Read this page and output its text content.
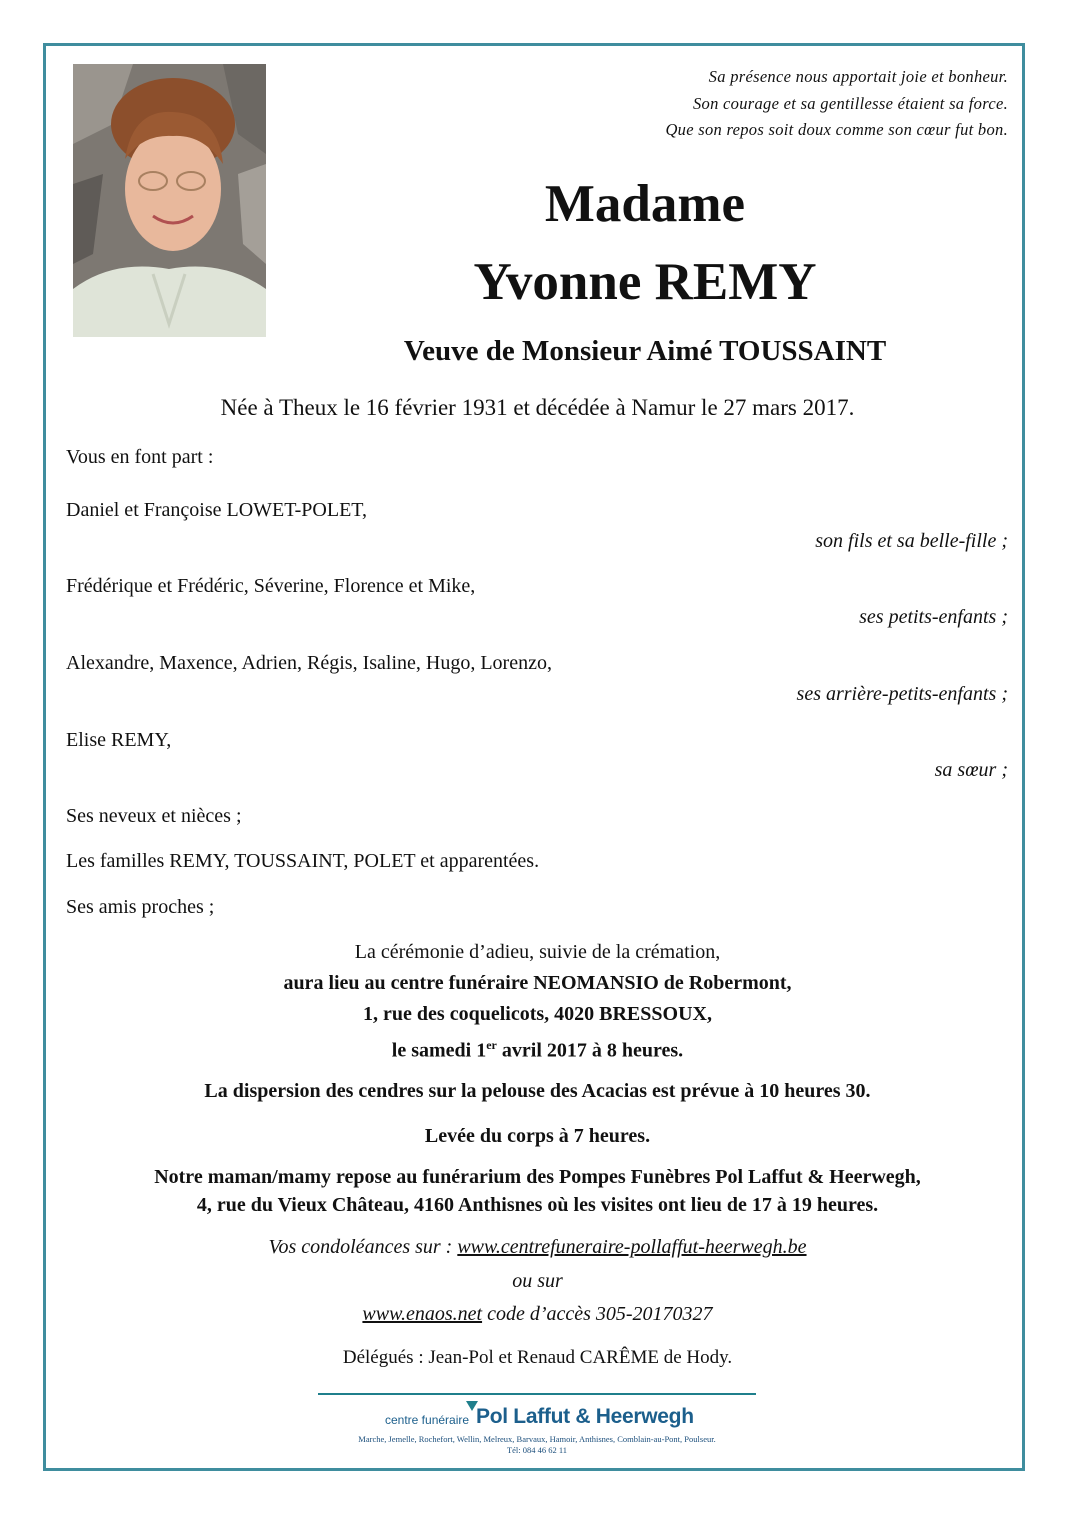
Sa présence nous apportait joie et bonheur.
Son courage et sa gentillesse étaient sa force.
Que son repos soit doux comme son cœur fut bon.
Madame
Yvonne REMY
Veuve de Monsieur Aimé TOUSSAINT
Née à Theux le 16 février 1931 et décédée à Namur le 27 mars 2017.
Vous en font part :
Daniel et Françoise LOWET-POLET,
son fils et sa belle-fille ;
Frédérique et Frédéric, Séverine, Florence et Mike,
ses petits-enfants ;
Alexandre, Maxence, Adrien, Régis, Isaline, Hugo, Lorenzo,
ses arrière-petits-enfants ;
Elise REMY,
sa sœur ;
Ses neveux et nièces ;
Les familles REMY, TOUSSAINT, POLET et apparentées.
Ses amis proches ;
La cérémonie d’adieu, suivie de la crémation,
aura lieu au centre funéraire NEOMANSIO de Robermont,
1, rue des coquelicots, 4020 BRESSOUX,
le samedi 1er avril 2017 à 8 heures.
La dispersion des cendres sur la pelouse des Acacias est prévue à 10 heures 30.
Levée du corps à 7 heures.
Notre maman/mamy repose au funérarium des Pompes Funèbres Pol Laffut & Heerwegh,
4, rue du Vieux Château, 4160 Anthisnes où les visites ont lieu de 17 à 19 heures.
Vos condoléances sur : www.centrefuneraire-pollaffut-heerwegh.be
ou sur
www.enaos.net code d’accès 305-20170327
Délégués : Jean-Pol et Renaud CARÊME de Hody.
centre funéraire Pol Laffut & Heerwegh
Marche, Jemelle, Rochefort, Wellin, Melreux, Barvaux, Hamoir, Anthisnes, Comblain-au-Pont, Poulseur.
Tél: 084 46 62 11
